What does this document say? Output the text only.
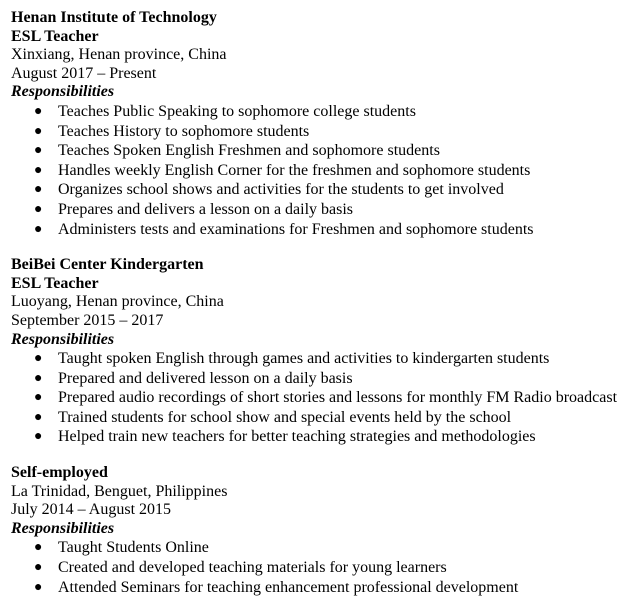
Henan Institute of Technology
ESL Teacher
Xinxiang, Henan province, China
August 2017 – Present
Responsibilities
● Teaches Public Speaking to sophomore college students
● Teaches History to sophomore students
● Teaches Spoken English Freshmen and sophomore students
● Handles weekly English Corner for the freshmen and sophomore students
● Organizes school shows and activities for the students to get involved
● Prepares and delivers a lesson on a daily basis
● Administers tests and examinations for Freshmen and sophomore students
BeiBei Center Kindergarten
ESL Teacher
Luoyang, Henan province, China
September 2015 – 2017
Responsibilities
● Taught spoken English through games and activities to kindergarten students
● Prepared and delivered lesson on a daily basis
● Prepared audio recordings of short stories and lessons for monthly FM Radio broadcast
● Trained students for school show and special events held by the school
● Helped train new teachers for better teaching strategies and methodologies
Self-employed
La Trinidad, Benguet, Philippines
July 2014 – August 2015
Responsibilities
● Taught Students Online
● Created and developed teaching materials for young learners
● Attended Seminars for teaching enhancement professional development
